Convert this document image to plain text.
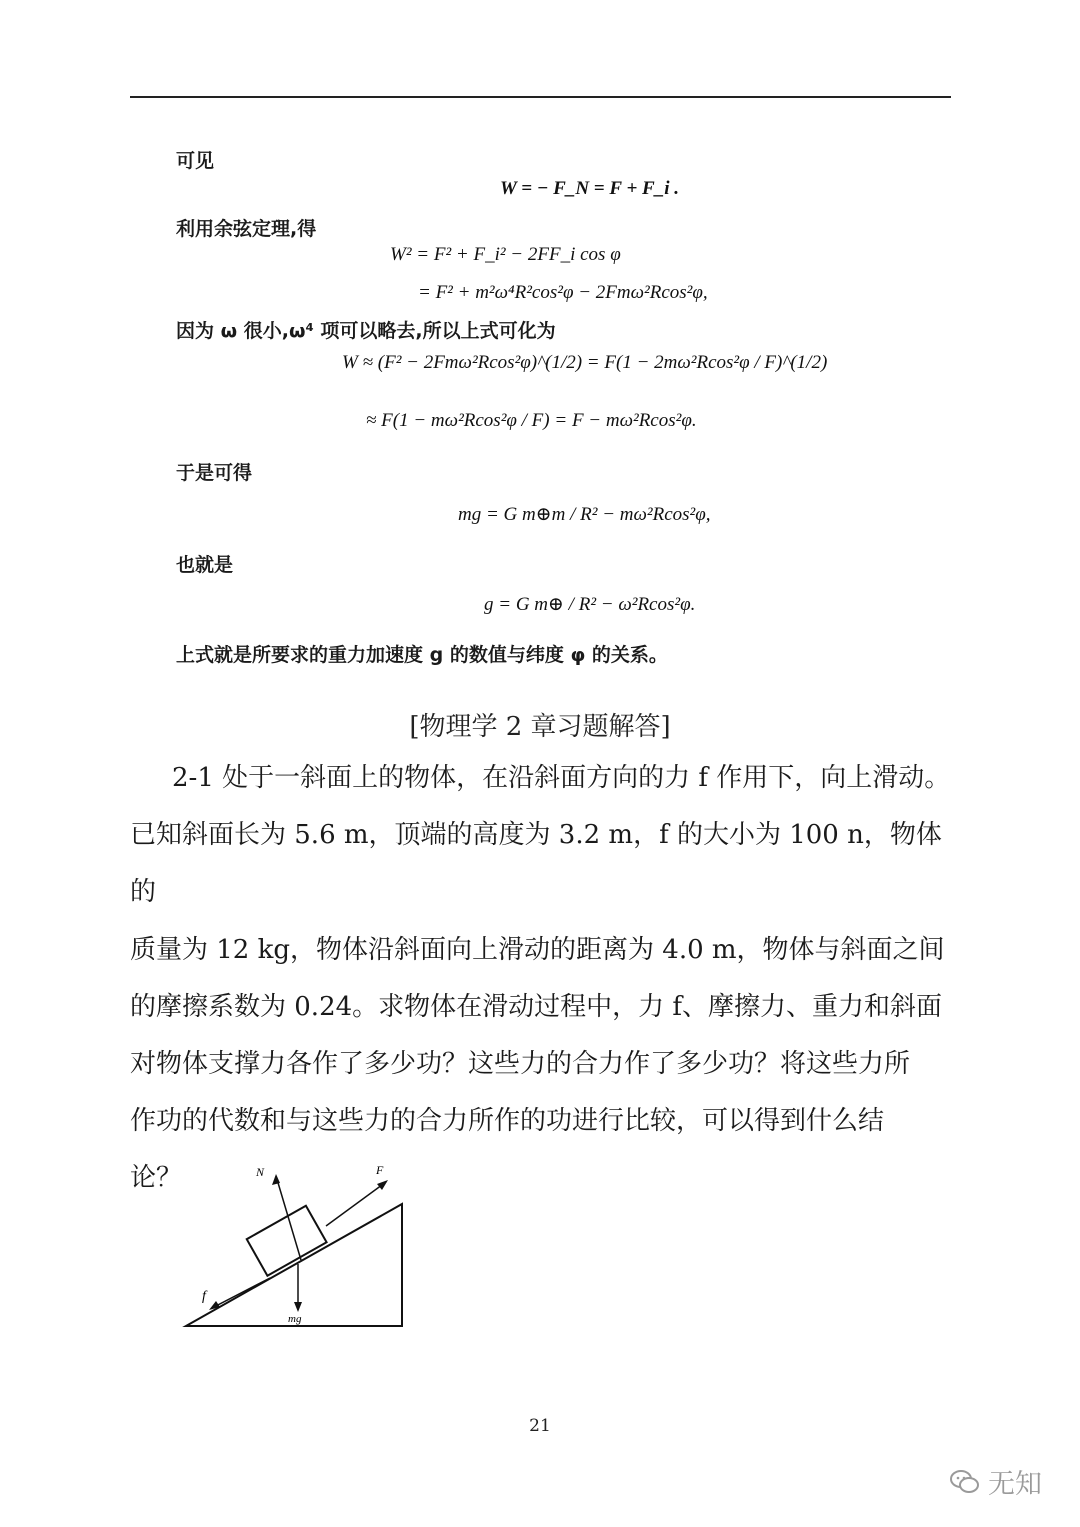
可见
W = − F_N = F + F_i .
利用余弦定理,得
W² = F² + F_i² − 2FF_i cos φ
= F² + m²ω⁴R²cos²φ − 2Fmω²Rcos²φ,
因为 ω 很小,ω⁴ 项可以略去,所以上式可化为
W ≈ (F² − 2Fmω²Rcos²φ)^(1/2) = F(1 − 2mω²Rcos²φ / F)^(1/2)
≈ F(1 − mω²Rcos²φ / F) = F − mω²Rcos²φ.
于是可得
mg = G m⊕m / R² − mω²Rcos²φ,
也就是
g = G m⊕ / R² − ω²Rcos²φ.
上式就是所要求的重力加速度 g 的数值与纬度 φ 的关系。
[物理学 2 章习题解答]

2-1 处于一斜面上的物体，在沿斜面方向的力 f 作用下，向上滑动。

已知斜面长为 5.6 m，顶端的高度为 3.2 m，f 的大小为 100 n，物体的

质量为 12 kg，物体沿斜面向上滑动的距离为 4.0 m，物体与斜面之间

的摩擦系数为 0.24。求物体在滑动过程中，力 f、摩擦力、重力和斜面

对物体支撑力各作了多少功？这些力的合力作了多少功？将这些力所

作功的代数和与这些力的合力所作的功进行比较，可以得到什么结

论？	N	F
f
mg
21
无知
